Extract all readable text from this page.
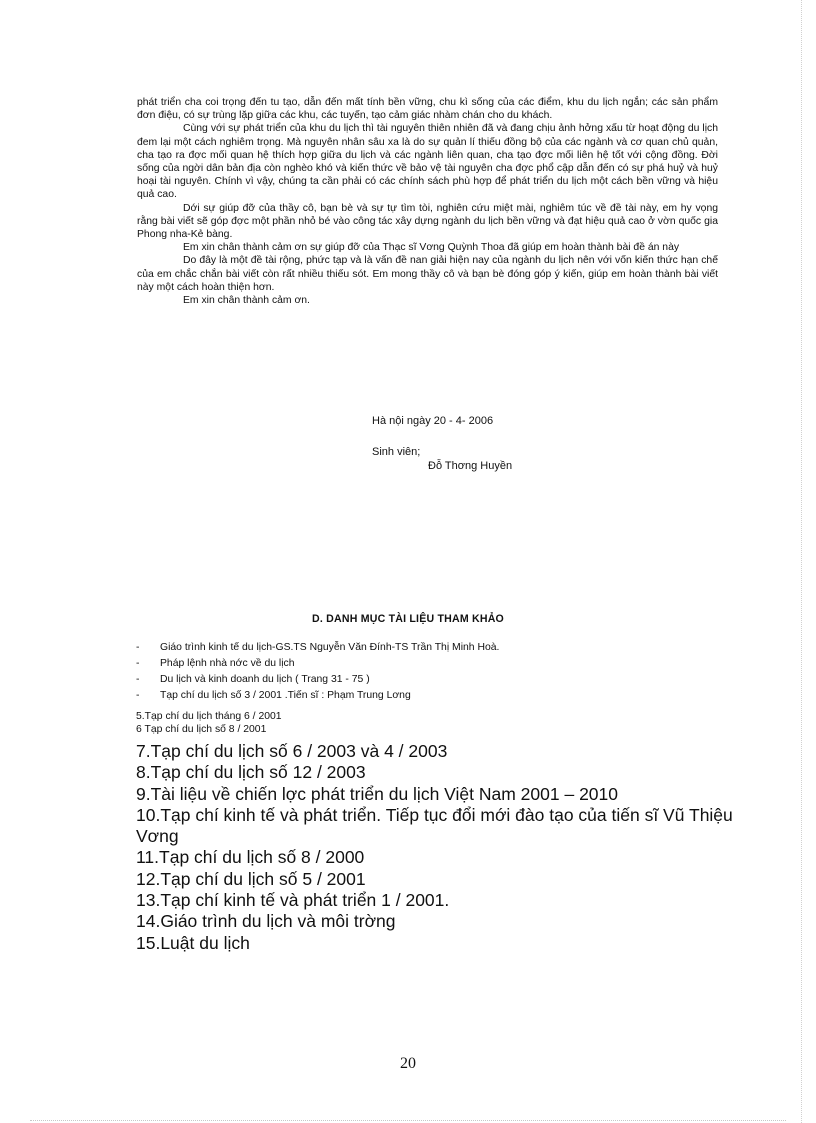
phát triển cha coi trọng đến tu tạo, dẫn đến mất tính bền vững, chu kì sống của các điểm, khu du lịch ngắn; các sản phẩm đơn điệu, có sự trùng lặp giữa các khu, các tuyến, tạo cảm giác nhàm chán cho du khách.

Cùng với sự phát triển của khu du lịch thì tài nguyên thiên nhiên đã và đang chịu ảnh hởng xấu từ hoạt động du lịch đem lại một cách nghiêm trọng. Mà nguyên nhân sâu xa là do sự quản lí thiếu đồng bộ của các ngành và cơ quan chủ quản, cha tạo ra đợc mối quan hệ thích hợp giữa du lịch và các ngành liên quan, cha tạo đợc mối liên hệ tốt với cộng đồng. Đời sống của ngời dân bản địa còn nghèo khó và kiến thức về bảo vệ tài nguyên cha đợc phổ cập dẫn đến có sự phá huỷ và huỷ hoại tài nguyên. Chính vì vậy, chúng ta cần phải có các chính sách phù hợp để phát triển du lịch một cách bền vững và hiệu quả cao.

Dới sự giúp đỡ của thầy cô, bạn bè và sự tự tìm tòi, nghiên cứu miệt mài, nghiêm túc về đề tài này, em hy vọng rằng bài viết sẽ góp đợc một phần nhỏ bé vào công tác xây dựng ngành du lịch bền vững và đạt hiệu quả cao ở vờn quốc gia Phong nha-Kẻ bàng.

Em xin chân thành cảm ơn sự giúp đỡ của Thạc sĩ Vơng Quỳnh Thoa đã giúp em hoàn thành bài đề án này

Do đây là một đề tài rộng, phức tạp và là vấn đề nan giải hiện nay của ngành du lịch nên với vốn kiến thức hạn chế của em chắc chắn bài viết còn rất nhiều thiếu sót. Em mong thầy cô và bạn bè đóng góp ý kiến, giúp em hoàn thành bài viết này một cách hoàn thiện hơn.

Em xin chân thành cảm ơn.

Hà nội ngày 20 - 4- 2006
Sinh viên;
Đỗ Thơng Huyền
D. DANH MỤC TÀI LIỆU THAM KHẢO
-	Giáo trình kinh tế du lịch-GS.TS Nguyễn Văn Đính-TS Trần Thị Minh Hoà.
-	Pháp lệnh nhà nớc về du lịch
-	Du lịch và kinh doanh du lịch ( Trang 31 - 75 )
-	Tạp chí du lịch số 3 / 2001 .Tiến sĩ : Phạm Trung Lơng
5.Tạp chí du lịch tháng 6 / 2001
6 Tạp chí du lịch số 8 / 2001
7.Tạp chí du lịch số 6 / 2003 và 4 / 2003
8.Tạp chí du lịch số 12 / 2003
9.Tài liệu về chiến lợc phát triển du lịch Việt Nam 2001 – 2010
10.Tạp chí kinh tế và phát triển. Tiếp tục đổi mới đào tạo của tiến sĩ Vũ Thiệu Vơng
11.Tạp chí du lịch số 8 / 2000
12.Tạp chí du lịch số 5 / 2001
13.Tạp chí kinh tế và phát triển 1 / 2001.
14.Giáo trình du lịch và môi trờng
15.Luật du lịch
20
